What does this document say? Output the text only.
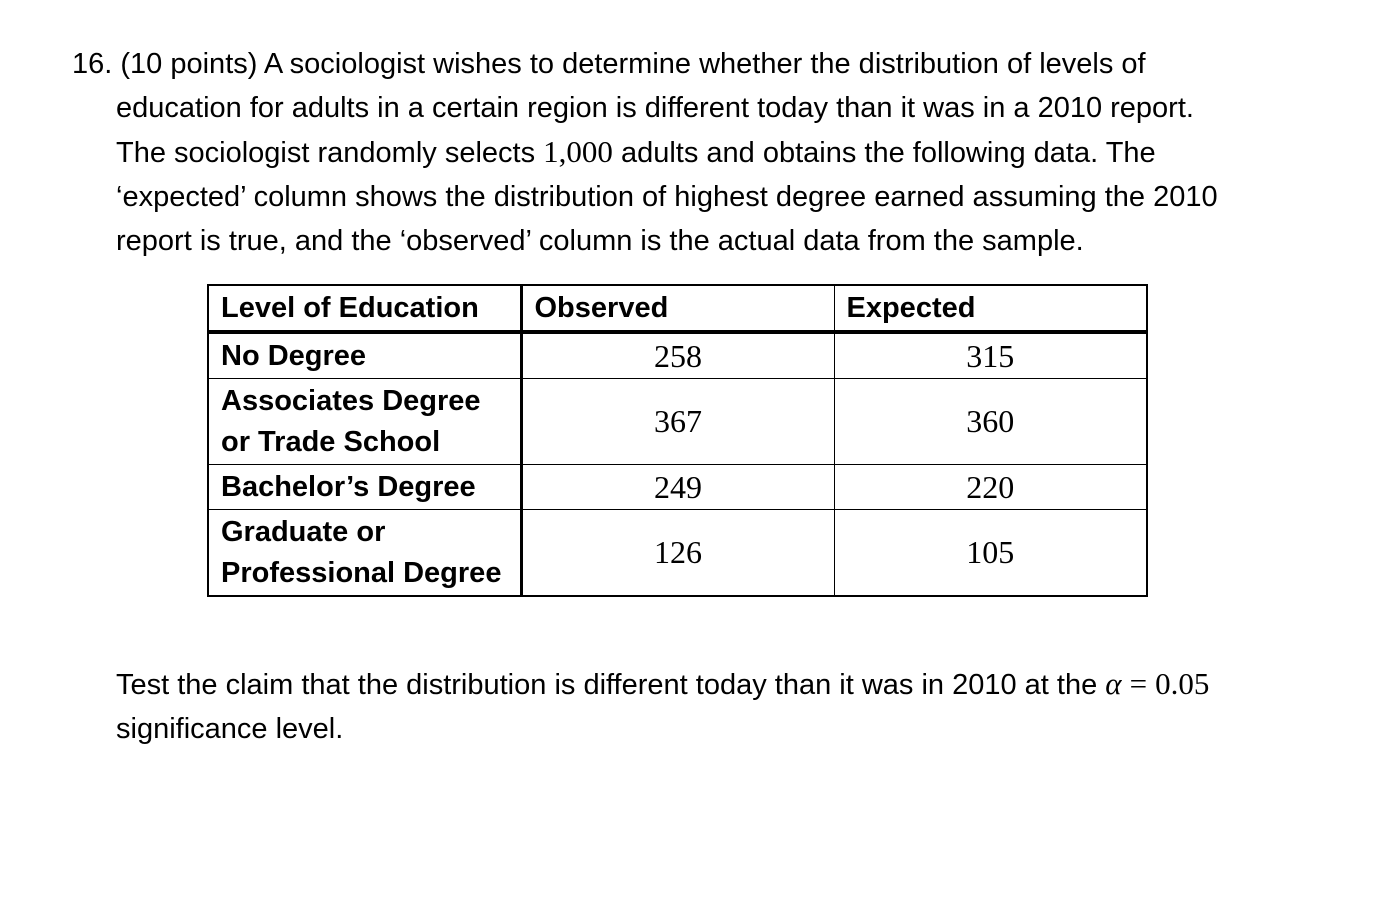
16. (10 points) A sociologist wishes to determine whether the distribution of levels of
education for adults in a certain region is different today than it was in a 2010 report.
The sociologist randomly selects 1,000 adults and obtains the following data. The
‘expected’ column shows the distribution of highest degree earned assuming the 2010
report is true, and the ‘observed’ column is the actual data from the sample.
Level of Education	Observed	Expected
No Degree	258	315
Associates Degree
or Trade School	367	360
Bachelor’s Degree	249	220
Graduate or
Professional Degree	126	105
Test the claim that the distribution is different today than it was in 2010 at the α = 0.05
significance level.
